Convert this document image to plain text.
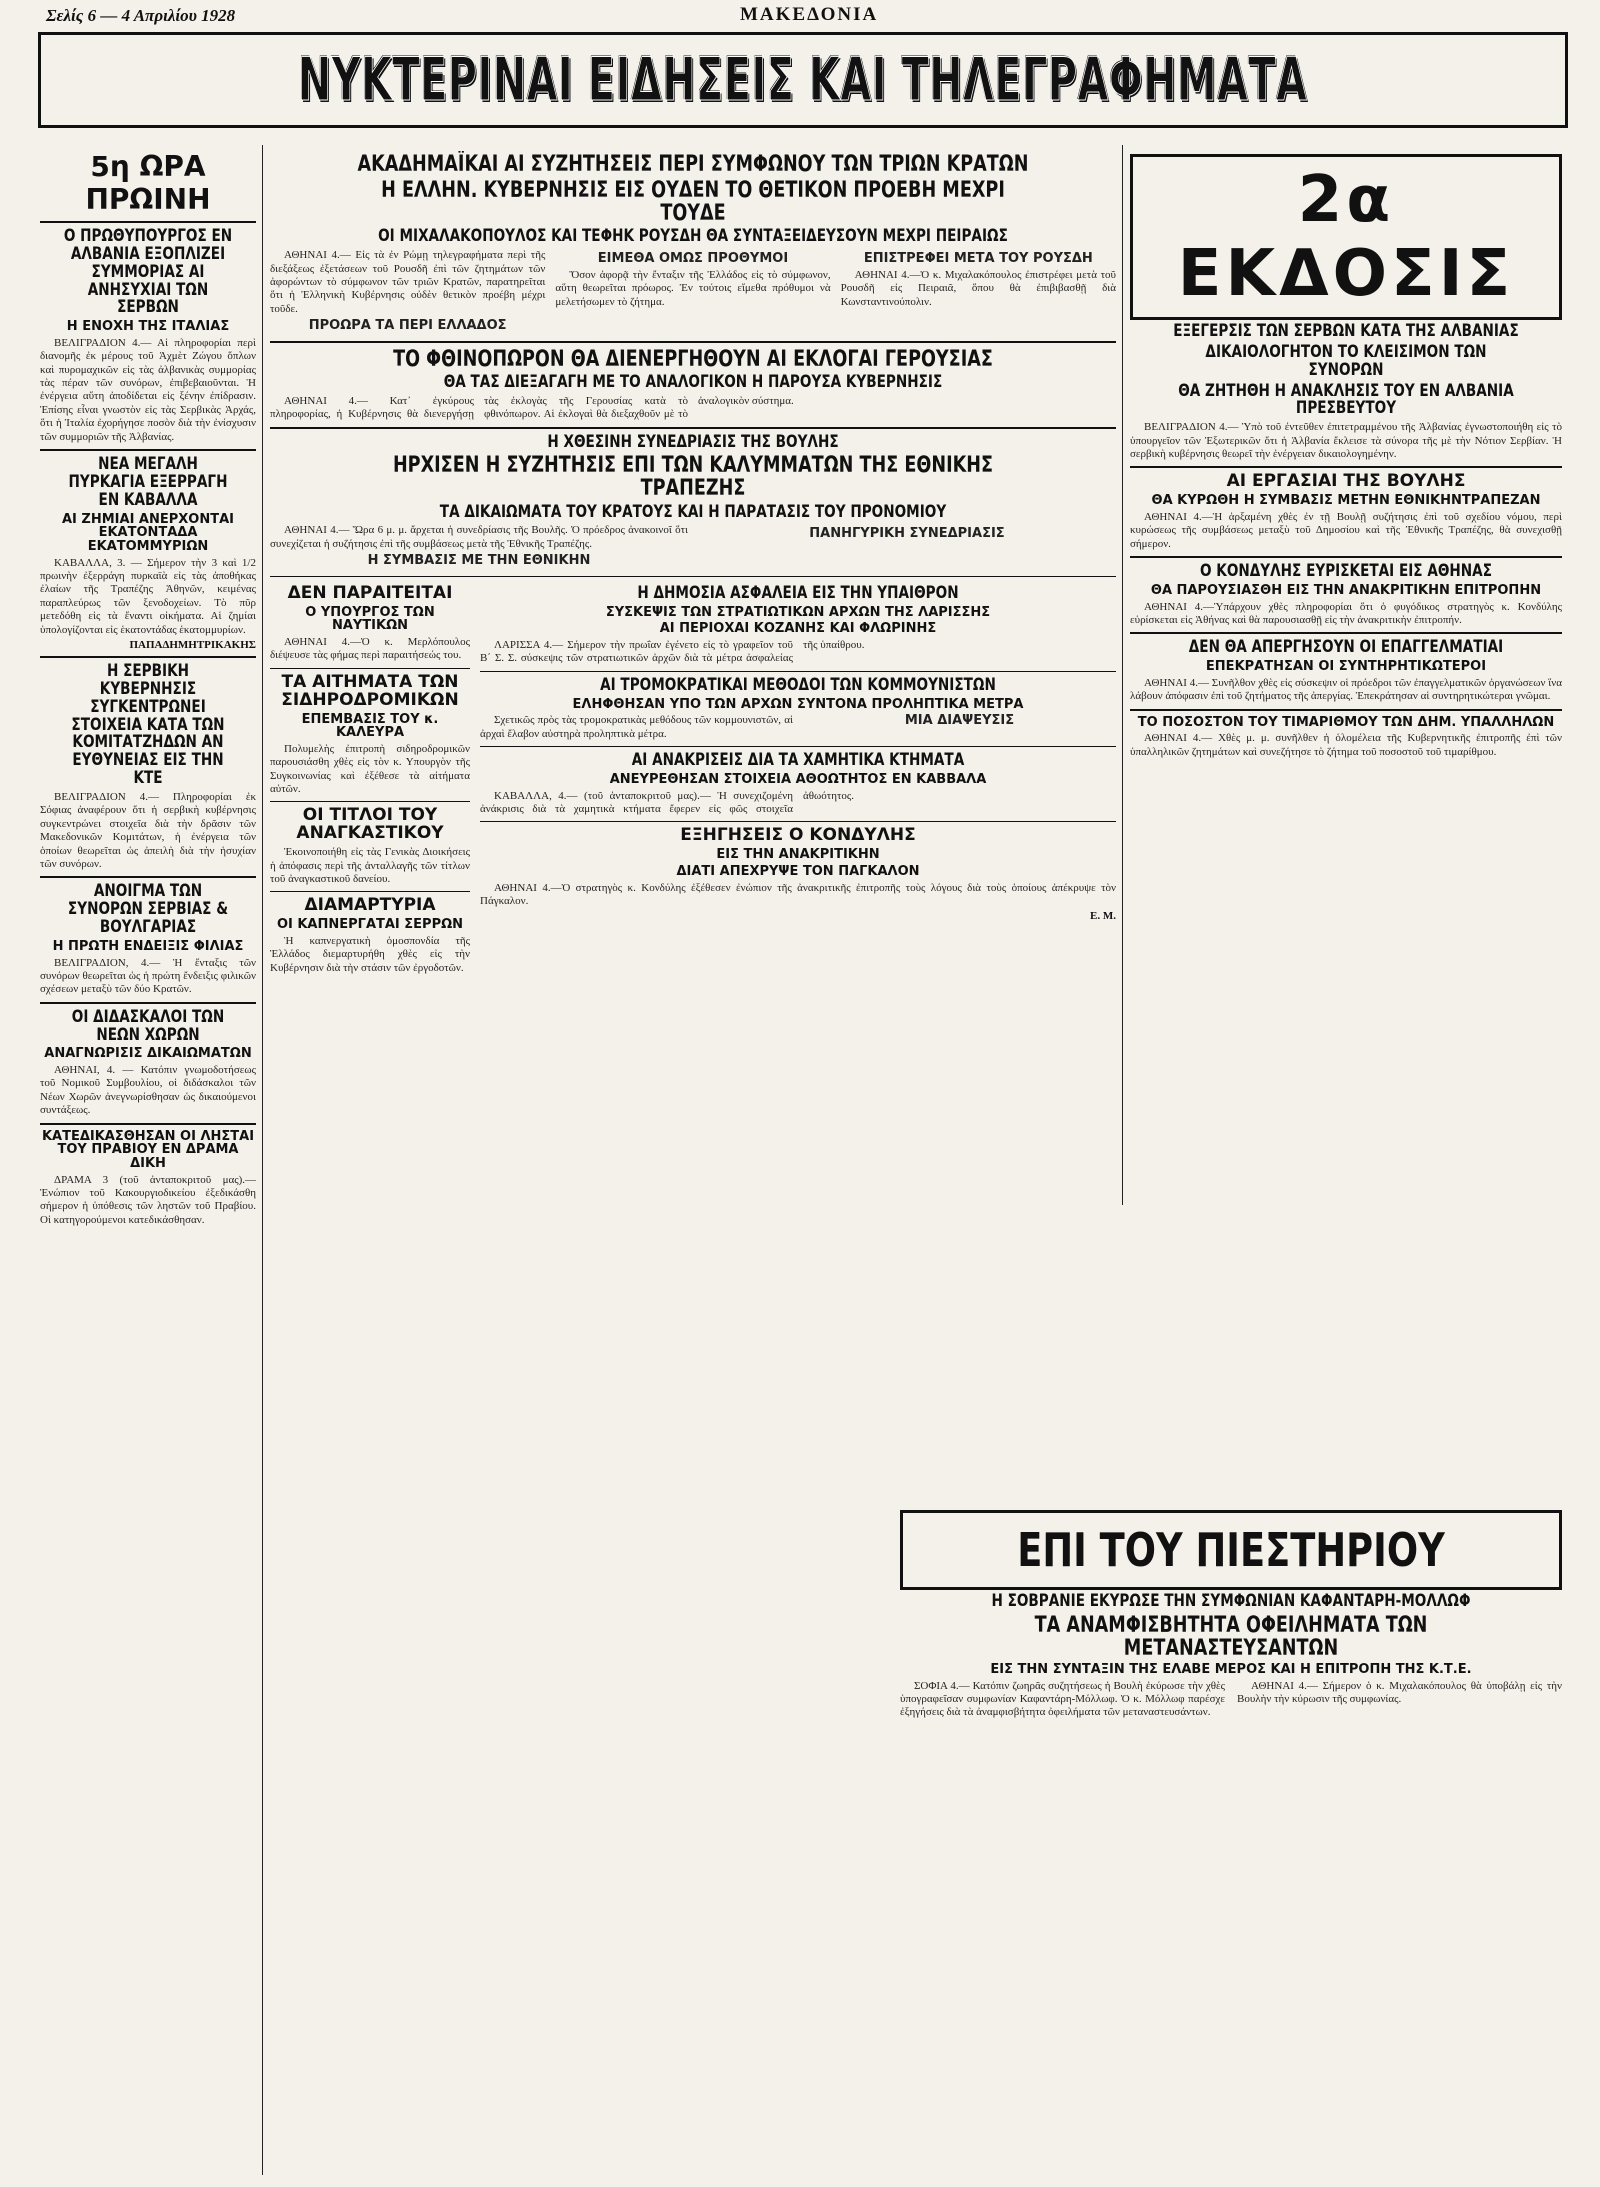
Σελίς 6 — 4 Απριλίου 1928	ΜΑΚΕΔΟΝΙΑ
ΝΥΚΤΕΡΙΝΑΙ ΕΙΔΗΣΕΙΣ ΚΑΙ ΤΗΛΕΓΡΑΦΗΜΑΤΑ
5η ΩΡΑ ΠΡΩΙΝΗ
Ο ΠΡΩΘΥΠΟΥΡΓΟΣ ΕΝ ΑΛΒΑΝΙΑ ΕΞΟΠΛΙΖΕΙ ΣΥΜΜΟΡΙΑΣ ΑΙ ΑΝΗΣΥΧΙΑΙ ΤΩΝ ΣΕΡΒΩΝ
Η ΕΝΟΧΗ ΤΗΣ ΙΤΑΛΙΑΣ

ΒΕΛΙΓΡΑΔΙΟΝ 4.— Αἱ πληροφορίαι περὶ διανομῆς ἐκ μέρους τοῦ Ἀχμὲτ Ζώγου ὅπλων καὶ πυρομαχικῶν εἰς τὰς ἀλβανικὰς συμμορίας τὰς πέραν τῶν συνόρων, ἐπιβεβαιοῦνται. Ἡ ἐνέργεια αὕτη ἀποδίδεται εἰς ξένην ἐπίδρασιν. Ἐπίσης εἶναι γνωστὸν εἰς τὰς Σερβικὰς Ἀρχάς, ὅτι ἡ Ἰταλία ἐχορήγησε ποσὸν διὰ τὴν ἐνίσχυσιν τῶν συμμοριῶν τῆς Ἀλβανίας.

ΝΕΑ ΜΕΓΑΛΗ ΠΥΡΚΑΓΙΑ ΕΞΕΡΡΑΓΗ ΕΝ ΚΑΒΑΛΛΑ
ΑΙ ΖΗΜΙΑΙ ΑΝΕΡΧΟΝΤΑΙ ΕΚΑΤΟΝΤΑΔΑ ΕΚΑΤΟΜΜΥΡΙΩΝ

ΚΑΒΑΛΛΑ, 3. — Σήμερον τὴν 3 καὶ 1/2 πρωινὴν ἐξερράγη πυρκαϊὰ εἰς τὰς ἀποθήκας ἐλαίων τῆς Τραπέζης Ἀθηνῶν, κειμένας παραπλεύρως τῶν ξενοδοχείων. Τὸ πῦρ μετεδόθη εἰς τὰ ἔναντι οἰκήματα. Αἱ ζημίαι ὑπολογίζονται εἰς ἑκατοντάδας ἑκατομμυρίων.

ΠΑΠΑΔΗΜΗΤΡΙΚΑΚΗΣ
Η ΣΕΡΒΙΚΗ ΚΥΒΕΡΝΗΣΙΣ ΣΥΓΚΕΝΤΡΩΝΕΙ ΣΤΟΙΧΕΙΑ ΚΑΤΑ ΤΩΝ ΚΟΜΙΤΑΤΖΗΔΩΝ ΑΝ ΕΥΘΥΝΕΙΑΣ ΕΙΣ ΤΗΝ ΚΤΕ

ΒΕΛΙΓΡΑΔΙΟΝ 4.— Πληροφορίαι ἐκ Σόφιας ἀναφέρουν ὅτι ἡ σερβικὴ κυβέρνησις συγκεντρώνει στοιχεῖα διὰ τὴν δρᾶσιν τῶν Μακεδονικῶν Κομιτάτων, ἡ ἐνέργεια τῶν ὁποίων θεωρεῖται ὡς ἀπειλὴ διὰ τὴν ἡσυχίαν τῶν συνόρων.

ΑΝΟΙΓΜΑ ΤΩΝ ΣΥΝΟΡΩΝ ΣΕΡΒΙΑΣ & ΒΟΥΛΓΑΡΙΑΣ
Η ΠΡΩΤΗ ΕΝΔΕΙΞΙΣ ΦΙΛΙΑΣ

ΒΕΛΙΓΡΑΔΙΟΝ, 4.— Ἡ ἔνταξις τῶν συνόρων θεωρεῖται ὡς ἡ πρώτη ἔνδειξις φιλικῶν σχέσεων μεταξὺ τῶν δύο Κρατῶν.

ΟΙ ΔΙΔΑΣΚΑΛΟΙ ΤΩΝ ΝΕΩΝ ΧΩΡΩΝ
ΑΝΑΓΝΩΡΙΣΙΣ ΔΙΚΑΙΩΜΑΤΩΝ

ΑΘΗΝΑΙ, 4. — Κατόπιν γνωμοδοτήσεως τοῦ Νομικοῦ Συμβουλίου, οἱ διδάσκαλοι τῶν Νέων Χωρῶν ἀνεγνωρίσθησαν ὡς δικαιούμενοι συντάξεως.

ΚΑΤΕΔΙΚΑΣΘΗΣΑΝ ΟΙ ΛΗΣΤΑΙ ΤΟΥ ΠΡΑΒΙΟΥ ΕΝ ΔΡΑΜΑ ΔΙΚΗ

ΔΡΑΜΑ 3 (τοῦ ἀνταποκριτοῦ μας).— Ἐνώπιον τοῦ Κακουργιοδικείου ἐξεδικάσθη σήμερον ἡ ὑπόθεσις τῶν ληστῶν τοῦ Πραβίου. Οἱ κατηγορούμενοι κατεδικάσθησαν.

ΑΚΑΔΗΜΑΪΚΑΙ ΑΙ ΣΥΖΗΤΗΣΕΙΣ ΠΕΡΙ ΣΥΜΦΩΝΟΥ ΤΩΝ ΤΡΙΩΝ ΚΡΑΤΩΝ
Η ΕΛΛΗΝ. ΚΥΒΕΡΝΗΣΙΣ ΕΙΣ ΟΥΔΕΝ ΤΟ ΘΕΤΙΚΟΝ ΠΡΟΕΒΗ ΜΕΧΡΙ ΤΟΥΔΕ
ΟΙ ΜΙΧΑΛΑΚΟΠΟΥΛΟΣ ΚΑΙ ΤΕΦΗΚ ΡΟΥΣΔΗ ΘΑ ΣΥΝΤΑΞΕΙΔΕΥΣΟΥΝ ΜΕΧΡΙ ΠΕΙΡΑΙΩΣ

ΑΘΗΝΑΙ 4.— Εἰς τὰ ἐν Ρώμῃ τηλεγραφήματα περὶ τῆς διεξάξεως ἐξετάσεων τοῦ Ρουσδῆ ἐπὶ τῶν ζητημάτων τῶν ἀφορώντων τὸ σύμφωνον τῶν τριῶν Κρατῶν, παρατηρεῖται ὅτι ἡ Ἑλληνικὴ Κυβέρνησις οὐδὲν θετικὸν προέβη μέχρι τοῦδε.

ΠΡΟΩΡΑ ΤΑ ΠΕΡΙ ΕΛΛΑΔΟΣ
ΕΙΜΕΘΑ ΟΜΩΣ ΠΡΟΘΥΜΟΙ

Ὅσον ἀφορᾷ τὴν ἔνταξιν τῆς Ἑλλάδος εἰς τὸ σύμφωνον, αὕτη θεωρεῖται πρόωρος. Ἐν τούτοις εἴμεθα πρόθυμοι νὰ μελετήσωμεν τὸ ζήτημα.

ΕΠΙΣΤΡΕΦΕΙ ΜΕΤΑ ΤΟΥ ΡΟΥΣΔΗ

ΑΘΗΝΑΙ 4.—Ὁ κ. Μιχαλακόπουλος ἐπιστρέφει μετὰ τοῦ Ρουσδῆ εἰς Πειραιᾶ, ὅπου θὰ ἐπιβιβασθῇ διὰ Κωνσταντινούπολιν.

ΤΟ ΦΘΙΝΟΠΩΡΟΝ ΘΑ ΔΙΕΝΕΡΓΗΘΟΥΝ ΑΙ ΕΚΛΟΓΑΙ ΓΕΡΟΥΣΙΑΣ
ΘΑ ΤΑΣ ΔΙΕΞΑΓΑΓΗ ΜΕ ΤΟ ΑΝΑΛΟΓΙΚΟΝ Η ΠΑΡΟΥΣΑ ΚΥΒΕΡΝΗΣΙΣ

ΑΘΗΝΑΙ 4.— Κατ᾽ ἐγκύρους πληροφορίας, ἡ Κυβέρνησις θὰ διενεργήσῃ τὰς ἐκλογὰς τῆς Γερουσίας κατὰ τὸ φθινόπωρον. Αἱ ἐκλογαὶ θὰ διεξαχθοῦν μὲ τὸ ἀναλογικὸν σύστημα.

Η ΧΘΕΣΙΝΗ ΣΥΝΕΔΡΙΑΣΙΣ ΤΗΣ ΒΟΥΛΗΣ
ΗΡΧΙΣΕΝ Η ΣΥΖΗΤΗΣΙΣ ΕΠΙ ΤΩΝ ΚΑΛΥΜΜΑΤΩΝ ΤΗΣ ΕΘΝΙΚΗΣ ΤΡΑΠΕΖΗΣ
ΤΑ ΔΙΚΑΙΩΜΑΤΑ ΤΟΥ ΚΡΑΤΟΥΣ ΚΑΙ Η ΠΑΡΑΤΑΣΙΣ ΤΟΥ ΠΡΟΝΟΜΙΟΥ

ΑΘΗΝΑΙ 4.— Ὥρα 6 μ. μ. ἄρχεται ἡ συνεδρίασις τῆς Βουλῆς. Ὁ πρόεδρος ἀνακοινοῖ ὅτι συνεχίζεται ἡ συζήτησις ἐπὶ τῆς συμβάσεως μετὰ τῆς Ἐθνικῆς Τραπέζης.

Η ΣΥΜΒΑΣΙΣ ΜΕ ΤΗΝ ΕΘΝΙΚΗΝ
ΠΑΝΗΓΥΡΙΚΗ ΣΥΝΕΔΡΙΑΣΙΣ
ΔΕΝ ΠΑΡΑΙΤΕΙΤΑΙ
Ο ΥΠΟΥΡΓΟΣ ΤΩΝ ΝΑΥΤΙΚΩΝ

ΑΘΗΝΑΙ 4.—Ὁ κ. Μερλόπουλος διέψευσε τὰς φήμας περὶ παραιτήσεώς του.

ΤΑ ΑΙΤΗΜΑΤΑ ΤΩΝ ΣΙΔΗΡΟΔΡΟΜΙΚΩΝ
ΕΠΕΜΒΑΣΙΣ ΤΟΥ κ. ΚΑΛΕΥΡΑ

Πολυμελὴς ἐπιτροπὴ σιδηροδρομικῶν παρουσιάσθη χθὲς εἰς τὸν κ. Υπουργὸν τῆς Συγκοινωνίας καὶ ἐξέθεσε τὰ αἰτήματα αὐτῶν.

ΟΙ ΤΙΤΛΟΙ ΤΟΥ ΑΝΑΓΚΑΣΤΙΚΟΥ

Ἐκοινοποιήθη εἰς τὰς Γενικὰς Διοικήσεις ἡ ἀπόφασις περὶ τῆς ἀνταλλαγῆς τῶν τίτλων τοῦ ἀναγκαστικοῦ δανείου.

ΔΙΑΜΑΡΤΥΡΙΑ
ΟΙ ΚΑΠΝΕΡΓΑΤΑΙ ΣΕΡΡΩΝ

Ἡ καπνεργατικὴ ὁμοσπονδία τῆς Ἑλλάδος διεμαρτυρήθη χθὲς εἰς τὴν Κυβέρνησιν διὰ τὴν στάσιν τῶν ἐργοδοτῶν.

Η ΔΗΜΟΣΙΑ ΑΣΦΑΛΕΙΑ ΕΙΣ ΤΗΝ ΥΠΑΙΘΡΟΝ
ΣΥΣΚΕΨΙΣ ΤΩΝ ΣΤΡΑΤΙΩΤΙΚΩΝ ΑΡΧΩΝ ΤΗΣ ΛΑΡΙΣΣΗΣ
ΑΙ ΠΕΡΙΟΧΑΙ ΚΟΖΑΝΗΣ ΚΑΙ ΦΛΩΡΙΝΗΣ

ΛΑΡΙΣΣΑ 4.— Σήμερον τὴν πρωΐαν ἐγένετο εἰς τὸ γραφεῖον τοῦ Β΄ Σ. Σ. σύσκεψις τῶν στρατιωτικῶν ἀρχῶν διὰ τὰ μέτρα ἀσφαλείας τῆς ὑπαίθρου.

ΑΙ ΤΡΟΜΟΚΡΑΤΙΚΑΙ ΜΕΘΟΔΟΙ ΤΩΝ ΚΟΜΜΟΥΝΙΣΤΩΝ
ΕΛΗΦΘΗΣΑΝ ΥΠΟ ΤΩΝ ΑΡΧΩΝ ΣΥΝΤΟΝΑ ΠΡΟΛΗΠΤΙΚΑ ΜΕΤΡΑ

Σχετικῶς πρὸς τὰς τρομοκρατικὰς μεθόδους τῶν κομμουνιστῶν, αἱ ἀρχαὶ ἔλαβον αὐστηρὰ προληπτικὰ μέτρα.

ΜΙΑ ΔΙΑΨΕΥΣΙΣ
ΑΙ ΑΝΑΚΡΙΣΕΙΣ ΔΙΑ ΤΑ ΧΑΜΗΤΙΚΑ ΚΤΗΜΑΤΑ
ΑΝΕΥΡΕΘΗΣΑΝ ΣΤΟΙΧΕΙΑ ΑΘΟΩΤΗΤΟΣ ΕΝ ΚΑΒΒΑΛΑ

ΚΑΒΑΛΛΑ, 4.— (τοῦ ἀνταποκριτοῦ μας).— Ἡ συνεχιζομένη ἀνάκρισις διὰ τὰ χαμητικὰ κτήματα ἔφερεν εἰς φῶς στοιχεῖα ἀθωότητος.

ΕΞΗΓΗΣΕΙΣ Ο ΚΟΝΔΥΛΗΣ
ΕΙΣ ΤΗΝ ΑΝΑΚΡΙΤΙΚΗΝ
ΔΙΑΤΙ ΑΠΕΧΡΥΨΕ ΤΟΝ ΠΑΓΚΑΛΟΝ

ΑΘΗΝΑΙ 4.—Ὁ στρατηγὸς κ. Κονδύλης ἐξέθεσεν ἐνώπιον τῆς ἀνακριτικῆς ἐπιτροπῆς τοὺς λόγους διὰ τοὺς ὁποίους ἀπέκρυψε τὸν Πάγκαλον.

Ε. Μ.
2α ΕΚΔΟΣΙΣ
ΕΞΕΓΕΡΣΙΣ ΤΩΝ ΣΕΡΒΩΝ ΚΑΤΑ ΤΗΣ ΑΛΒΑΝΙΑΣ
ΔΙΚΑΙΟΛΟΓΗΤΟΝ ΤΟ ΚΛΕΙΣΙΜΟΝ ΤΩΝ ΣΥΝΟΡΩΝ
ΘΑ ΖΗΤΗΘΗ Η ΑΝΑΚΛΗΣΙΣ ΤΟΥ ΕΝ ΑΛΒΑΝΙΑ ΠΡΕΣΒΕΥΤΟΥ

ΒΕΛΙΓΡΑΔΙΟΝ 4.— Ὑπὸ τοῦ ἐντεῦθεν ἐπιτετραμμένου τῆς Ἀλβανίας ἐγνωστοποιήθη εἰς τὸ ὑπουργεῖον τῶν Ἐξωτερικῶν ὅτι ἡ Ἀλβανία ἔκλεισε τὰ σύνορα τῆς μὲ τὴν Νότιον Σερβίαν. Ἡ σερβικὴ κυβέρνησις θεωρεῖ τὴν ἐνέργειαν δικαιολογημένην.

ΑΙ ΕΡΓΑΣΙΑΙ ΤΗΣ ΒΟΥΛΗΣ
ΘΑ ΚΥΡΩΘΗ Η ΣΥΜΒΑΣΙΣ ΜΕΤΗΝ ΕΘΝΙΚΗΝΤΡΑΠΕΖΑΝ

ΑΘΗΝΑΙ 4.—Ἡ ἀρξαμένη χθὲς ἐν τῇ Βουλῇ συζήτησις ἐπὶ τοῦ σχεδίου νόμου, περὶ κυρώσεως τῆς συμβάσεως μεταξὺ τοῦ Δημοσίου καὶ τῆς Ἐθνικῆς Τραπέζης, θὰ συνεχισθῇ σήμερον.

Ο ΚΟΝΔΥΛΗΣ ΕΥΡΙΣΚΕΤΑΙ ΕΙΣ ΑΘΗΝΑΣ
ΘΑ ΠΑΡΟΥΣΙΑΣΘΗ ΕΙΣ ΤΗΝ ΑΝΑΚΡΙΤΙΚΗΝ ΕΠΙΤΡΟΠΗΝ

ΑΘΗΝΑΙ 4.—Ὑπάρχουν χθὲς πληροφορίαι ὅτι ὁ φυγόδικος στρατηγὸς κ. Κονδύλης εὑρίσκεται εἰς Ἀθήνας καὶ θὰ παρουσιασθῇ εἰς τὴν ἀνακριτικὴν ἐπιτροπήν.

ΔΕΝ ΘΑ ΑΠΕΡΓΗΣΟΥΝ ΟΙ ΕΠΑΓΓΕΛΜΑΤΙΑΙ
ΕΠΕΚΡΑΤΗΣΑΝ ΟΙ ΣΥΝΤΗΡΗΤΙΚΩΤΕΡΟΙ

ΑΘΗΝΑΙ 4.— Συνῆλθον χθὲς εἰς σύσκεψιν οἱ πρόεδροι τῶν ἐπαγγελματικῶν ὀργανώσεων ἵνα λάβουν ἀπόφασιν ἐπὶ τοῦ ζητήματος τῆς ἀπεργίας. Ἐπεκράτησαν αἱ συντηρητικώτεραι γνῶμαι.

ΤΟ ΠΟΣΟΣΤΟΝ ΤΟΥ ΤΙΜΑΡΙΘΜΟΥ ΤΩΝ ΔΗΜ. ΥΠΑΛΛΗΛΩΝ

ΑΘΗΝΑΙ 4.— Χθὲς μ. μ. συνῆλθεν ἡ ὁλομέλεια τῆς Κυβερνητικῆς ἐπιτροπῆς ἐπὶ τῶν ὑπαλληλικῶν ζητημάτων καὶ συνεζήτησε τὸ ζήτημα τοῦ ποσοστοῦ τοῦ τιμαρίθμου.

ΕΠΙ ΤΟΥ ΠΙΕΣΤΗΡΙΟΥ
Η ΣΟΒΡΑΝΙΕ ΕΚΥΡΩΣΕ ΤΗΝ ΣΥΜΦΩΝΙΑΝ ΚΑΦΑΝΤΑΡΗ-ΜΟΛΛΩΦ
ΤΑ ΑΝΑΜΦΙΣΒΗΤΗΤΑ ΟΦΕΙΛΗΜΑΤΑ ΤΩΝ ΜΕΤΑΝΑΣΤΕΥΣΑΝΤΩΝ
ΕΙΣ ΤΗΝ ΣΥΝΤΑΞΙΝ ΤΗΣ ΕΛΑΒΕ ΜΕΡΟΣ ΚΑΙ Η ΕΠΙΤΡΟΠΗ ΤΗΣ Κ.Τ.Ε.

ΣΟΦΙΑ 4.— Κατόπιν ζωηρᾶς συζητήσεως ἡ Βουλὴ ἐκύρωσε τὴν χθὲς ὑπογραφεῖσαν συμφωνίαν Καφαντάρη-Μόλλωφ. Ὁ κ. Μόλλωφ παρέσχε ἐξηγήσεις διὰ τὰ ἀναμφισβήτητα ὀφειλήματα τῶν μεταναστευσάντων.

ΑΘΗΝΑΙ 4.— Σήμερον ὁ κ. Μιχαλακόπουλος θὰ ὑποβάλῃ εἰς τὴν Βουλὴν τὴν κύρωσιν τῆς συμφωνίας.
